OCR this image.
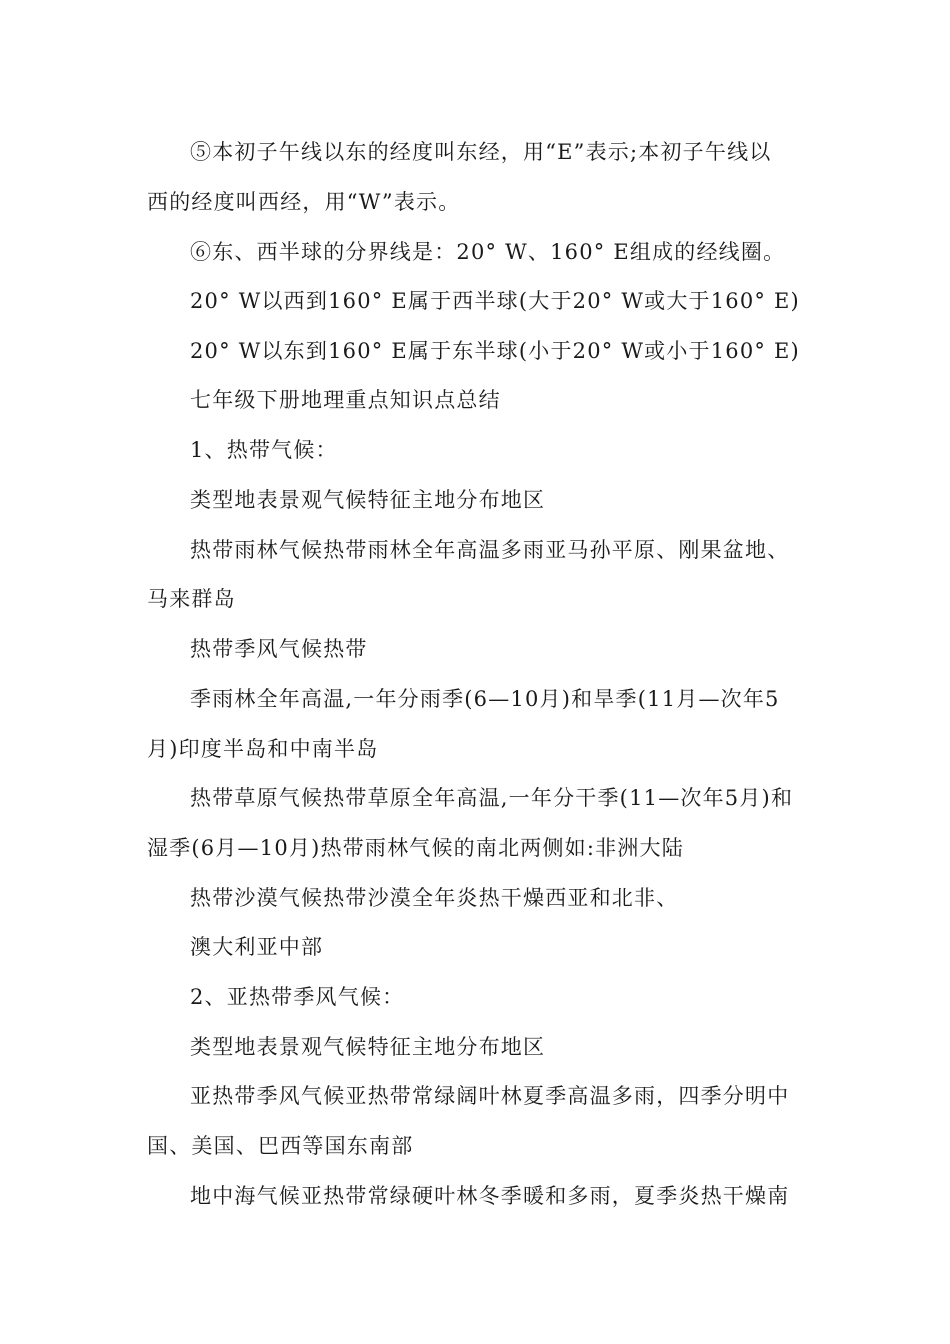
⑤本初子午线以东的经度叫东经，用“E”表示;本初子午线以
西的经度叫西经，用“W”表示。
⑥东、西半球的分界线是：20° W、160° E组成的经线圈。
20° W以西到160° E属于西半球(大于20° W或大于160° E)
20° W以东到160° E属于东半球(小于20° W或小于160° E)
七年级下册地理重点知识点总结
1、热带气候：
类型地表景观气候特征主地分布地区
热带雨林气候热带雨林全年高温多雨亚马孙平原、刚果盆地、
马来群岛
热带季风气候热带
季雨林全年高温,一年分雨季(6—10月)和旱季(11月—次年5
月)印度半岛和中南半岛
热带草原气候热带草原全年高温,一年分干季(11—次年5月)和
湿季(6月—10月)热带雨林气候的南北两侧如:非洲大陆
热带沙漠气候热带沙漠全年炎热干燥西亚和北非、
澳大利亚中部
2、亚热带季风气候：
类型地表景观气候特征主地分布地区
亚热带季风气候亚热带常绿阔叶林夏季高温多雨，四季分明中
国、美国、巴西等国东南部
地中海气候亚热带常绿硬叶林冬季暖和多雨，夏季炎热干燥南
